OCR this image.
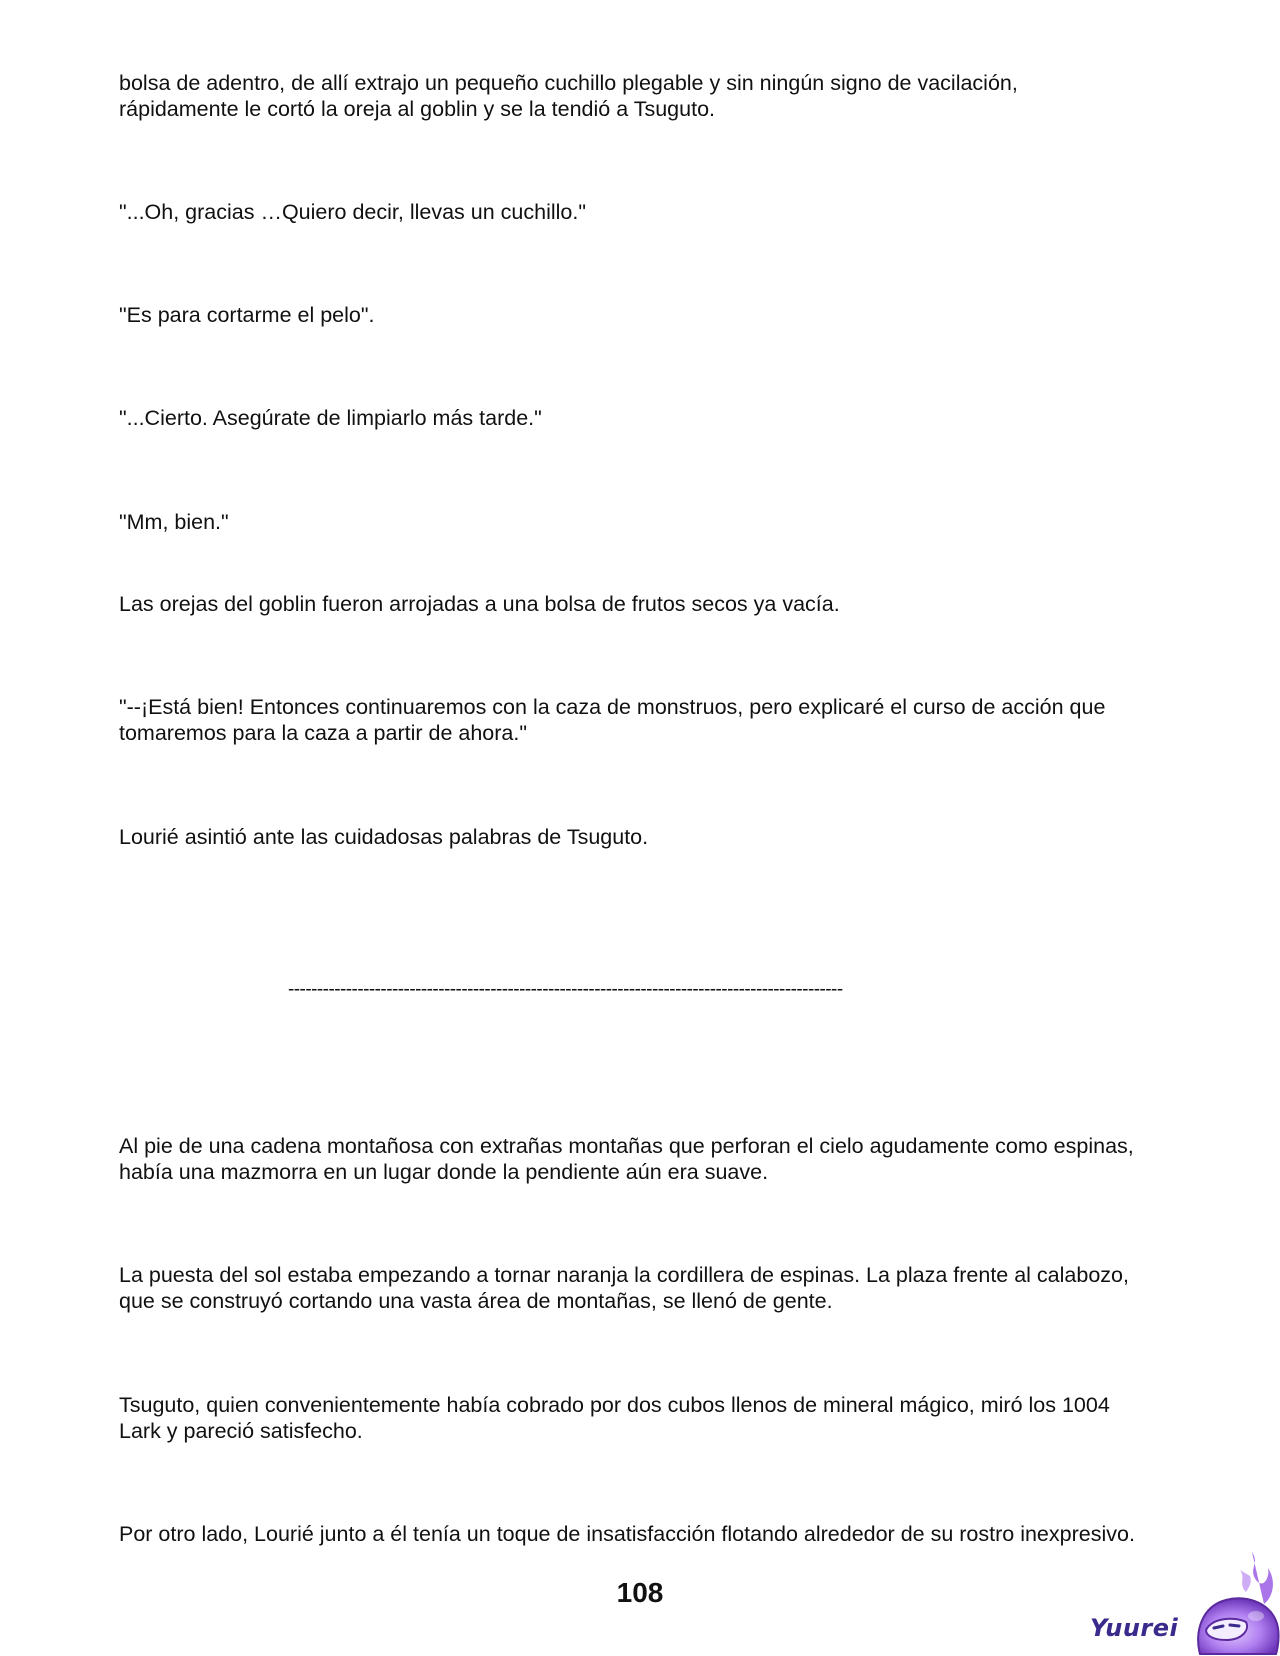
bolsa de adentro, de allí extrajo un pequeño cuchillo plegable y sin ningún signo de vacilación,
rápidamente le cortó la oreja al goblin y se la tendió a Tsuguto.

"...Oh, gracias …Quiero decir, llevas un cuchillo."

"Es para cortarme el pelo".

"...Cierto. Asegúrate de limpiarlo más tarde."

"Mm, bien."

Las orejas del goblin fueron arrojadas a una bolsa de frutos secos ya vacía.

"--¡Está bien! Entonces continuaremos con la caza de monstruos, pero explicaré el curso de acción que
tomaremos para la caza a partir de ahora."

Lourié asintió ante las cuidadosas palabras de Tsuguto.

------------------------------------------------------------------------------------------------

Al pie de una cadena montañosa con extrañas montañas que perforan el cielo agudamente como espinas,
había una mazmorra en un lugar donde la pendiente aún era suave.

La puesta del sol estaba empezando a tornar naranja la cordillera de espinas. La plaza frente al calabozo,
que se construyó cortando una vasta área de montañas, se llenó de gente.

Tsuguto, quien convenientemente había cobrado por dos cubos llenos de mineral mágico, miró los 1004
Lark y pareció satisfecho.

Por otro lado, Lourié junto a él tenía un toque de insatisfacción flotando alrededor de su rostro inexpresivo.

108
Yuurei
